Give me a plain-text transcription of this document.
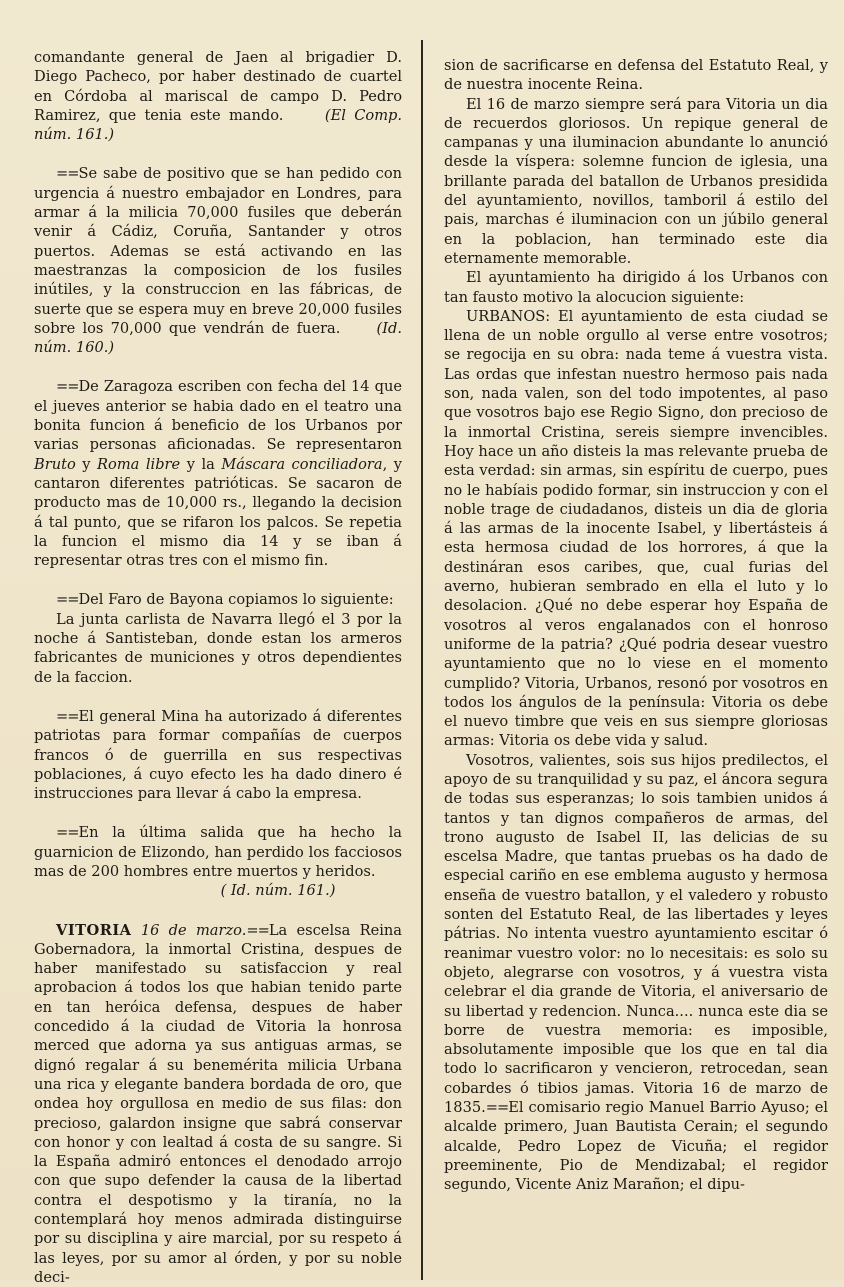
comandante general de Jaen al brigadier D. Diego Pacheco, por haber destinado de cuartel en Córdoba al mariscal de campo D. Pedro Ramirez, que tenia este mando.	(El Comp. núm. 161.)

==Se sabe de positivo que se han pedido con urgencia á nuestro embajador en Londres, para armar á la milicia 70,000 fusiles que deberán venir á Cádiz, Coruña, Santander y otros puertos. Ademas se está activando en las maestranzas la composicion de los fusiles inútiles, y la construccion en las fábricas, de suerte que se espera muy en breve 20,000 fusiles sobre los 70,000 que vendrán de fuera. (Id. núm. 160.)

==De Zaragoza escriben con fecha del 14 que el jueves anterior se habia dado en el teatro una bonita funcion á beneficio de los Urbanos por varias personas aficionadas. Se representaron Bruto y Roma libre y la Máscara conciliadora, y cantaron diferentes patrióticas. Se sacaron de producto mas de 10,000 rs., llegando la decision á tal punto, que se rifaron los palcos. Se repetia la funcion el mismo dia 14 y se iban á representar otras tres con el mismo fin.

==Del Faro de Bayona copiamos lo siguiente:

La junta carlista de Navarra llegó el 3 por la noche á Santisteban, donde estan los armeros fabricantes de municiones y otros dependientes de la faccion.

==El general Mina ha autorizado á diferentes patriotas para formar compañías de cuerpos francos ó de guerrilla en sus respectivas poblaciones, á cuyo efecto les ha dado dinero é instrucciones para llevar á cabo la empresa.

==En la última salida que ha hecho la guarnicion de Elizondo, han perdido los facciosos mas de 200 hombres entre muertos y heridos.

( Id. núm. 161.)

VITORIA 16 de marzo.==La escelsa Reina Gobernadora, la inmortal Cristina, despues de haber manifestado su satisfaccion y real aprobacion á todos los que habian tenido parte en tan heróica defensa, despues de haber concedido á la ciudad de Vitoria la honrosa merced que adorna ya sus antiguas armas, se dignó regalar á su benemérita milicia Urbana una rica y elegante bandera bordada de oro, que ondea hoy orgullosa en medio de sus filas: don precioso, galardon insigne que sabrá conservar con honor y con lealtad á costa de su sangre. Si la España admiró entonces el denodado arrojo con que supo defender la causa de la libertad contra el despotismo y la tiranía, no la contemplará hoy menos admirada distinguirse por su disciplina y aire marcial, por su respeto á las leyes, por su amor al órden, y por su noble deci-

sion de sacrificarse en defensa del Estatuto Real, y de nuestra inocente Reina.

El 16 de marzo siempre será para Vitoria un dia de recuerdos gloriosos. Un repique general de campanas y una iluminacion abundante lo anunció desde la víspera: solemne funcion de iglesia, una brillante parada del batallon de Urbanos presidida del ayuntamiento, novillos, tamboril á estilo del pais, marchas é iluminacion con un júbilo general en la poblacion, han terminado este dia eternamente memorable.

El ayuntamiento ha dirigido á los Urbanos con tan fausto motivo la alocucion siguiente:

URBANOS: El ayuntamiento de esta ciudad se llena de un noble orgullo al verse entre vosotros; se regocija en su obra: nada teme á vuestra vista. Las ordas que infestan nuestro hermoso pais nada son, nada valen, son del todo impotentes, al paso que vosotros bajo ese Regio Signo, don precioso de la inmortal Cristina, sereis siempre invencibles. Hoy hace un año disteis la mas relevante prueba de esta verdad: sin armas, sin espíritu de cuerpo, pues no le habíais podido formar, sin instruccion y con el noble trage de ciudadanos, disteis un dia de gloria á las armas de la inocente Isabel, y libertásteis á esta hermosa ciudad de los horrores, á que la destináran esos caribes, que, cual furias del averno, hubieran sembrado en ella el luto y lo desolacion. ¿Qué no debe esperar hoy España de vosotros al veros engalanados con el honroso uniforme de la patria? ¿Qué podria desear vuestro ayuntamiento que no lo viese en el momento cumplido? Vitoria, Urbanos, resonó por vosotros en todos los ángulos de la península: Vitoria os debe el nuevo timbre que veis en sus siempre gloriosas armas: Vitoria os debe vida y salud.

Vosotros, valientes, sois sus hijos predilectos, el apoyo de su tranquilidad y su paz, el áncora segura de todas sus esperanzas; lo sois tambien unidos á tantos y tan dignos compañeros de armas, del trono augusto de Isabel II, las delicias de su escelsa Madre, que tantas pruebas os ha dado de especial cariño en ese emblema augusto y hermosa enseña de vuestro batallon, y el valedero y robusto sonten del Estatuto Real, de las libertades y leyes pátrias. No intenta vuestro ayuntamiento escitar ó reanimar vuestro volor: no lo necesitais: es solo su objeto, alegrarse con vosotros, y á vuestra vista celebrar el dia grande de Vitoria, el aniversario de su libertad y redencion. Nunca.... nunca este dia se borre de vuestra memoria: es imposible, absolutamente imposible que los que en tal dia todo lo sacrificaron y vencieron, retrocedan, sean cobardes ó tibios jamas. Vitoria 16 de marzo de 1835.==El comisario regio Manuel Barrio Ayuso; el alcalde primero, Juan Bautista Cerain; el segundo alcalde, Pedro Lopez de Vicuña; el regidor preeminente, Pio de Mendizabal; el regidor segundo, Vicente Aniz Marañon; el dipu-
